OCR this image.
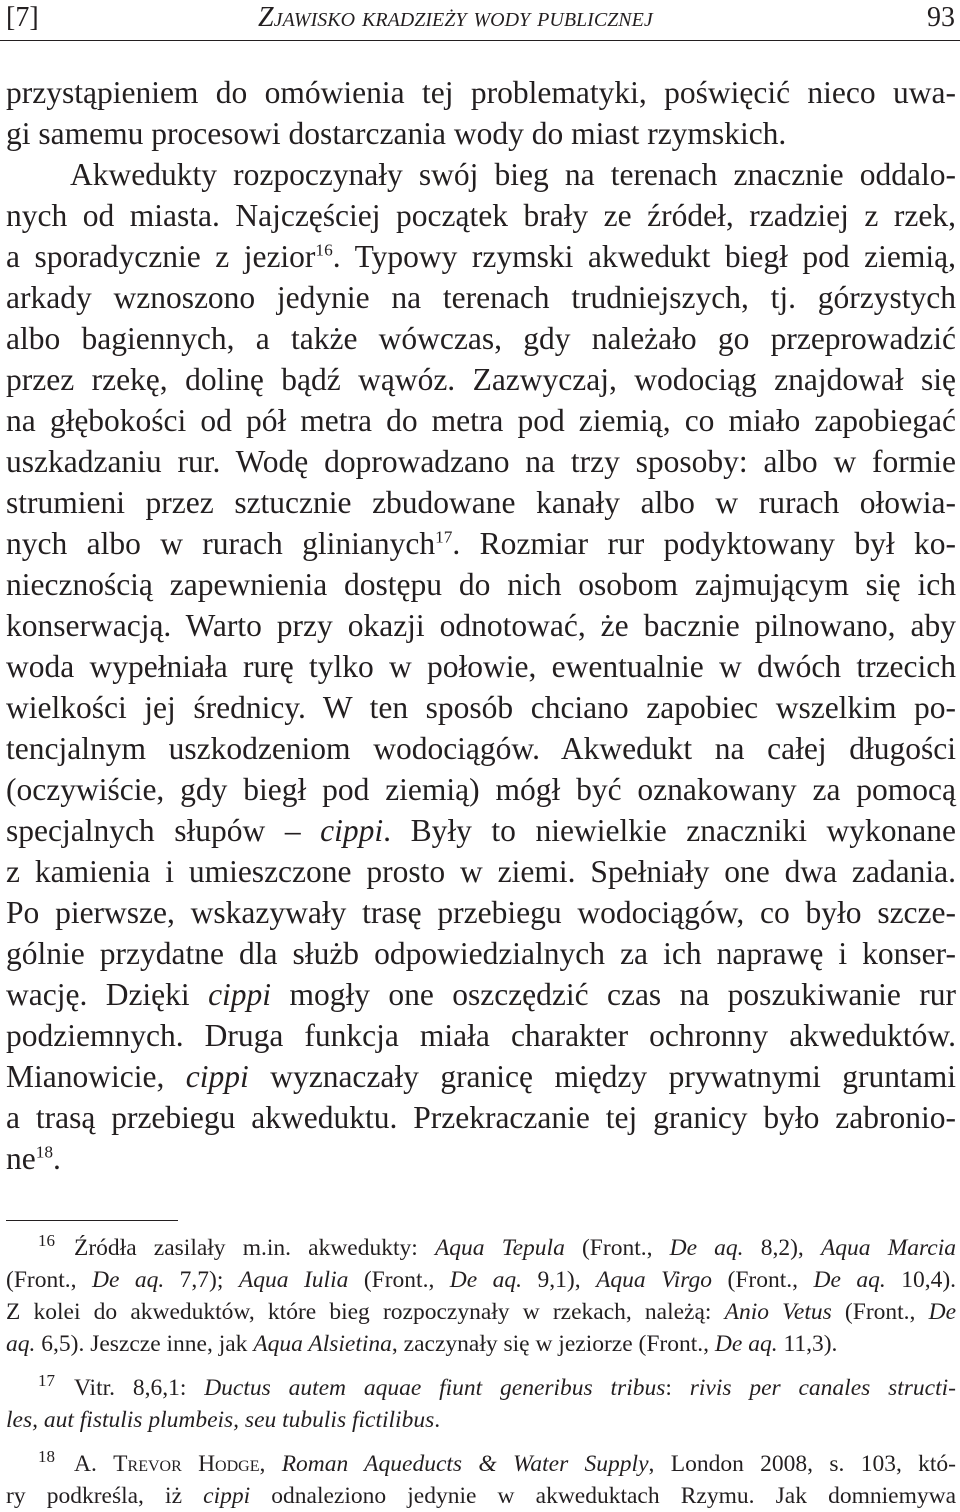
[7]	Zjawisko kradzieży wody publicznej	93
przystąpieniem do omówienia tej problematyki, poświęcić nieco uwa-
gi samemu procesowi dostarczania wody do miast rzymskich.
Akwedukty rozpoczynały swój bieg na terenach znacznie oddalo-
nych od miasta. Najczęściej początek brały ze źródeł, rzadziej z rzek,
a sporadycznie z jezior$^{16}$. Typowy rzymski akwedukt biegł pod ziemią,
arkady wznoszono jedynie na terenach trudniejszych, tj. górzystych
albo bagiennych, a także wówczas, gdy należało go przeprowadzić
przez rzekę, dolinę bądź wąwóz. Zazwyczaj, wodociąg znajdował się
na głębokości od pół metra do metra pod ziemią, co miało zapobiegać
uszkadzaniu rur. Wodę doprowadzano na trzy sposoby: albo w formie
strumieni przez sztucznie zbudowane kanały albo w rurach ołowia-
nych albo w rurach glinianych$^{17}$. Rozmiar rur podyktowany był ko-
niecznością zapewnienia dostępu do nich osobom zajmującym się ich
konserwacją. Warto przy okazji odnotować, że bacznie pilnowano, aby
woda wypełniała rurę tylko w połowie, ewentualnie w dwóch trzecich
wielkości jej średnicy. W ten sposób chciano zapobiec wszelkim po-
tencjalnym uszkodzeniom wodociągów. Akwedukt na całej długości
(oczywiście, gdy biegł pod ziemią) mógł być oznakowany za pomocą
specjalnych słupów – cippi. Były to niewielkie znaczniki wykonane
z kamienia i umieszczone prosto w ziemi. Spełniały one dwa zadania.
Po pierwsze, wskazywały trasę przebiegu wodociągów, co było szcze-
gólnie przydatne dla służb odpowiedzialnych za ich naprawę i konser-
wację. Dzięki cippi mogły one oszczędzić czas na poszukiwanie rur
podziemnych. Druga funkcja miała charakter ochronny akweduktów.
Mianowicie, cippi wyznaczały granicę między prywatnymi gruntami
a trasą przebiegu akweduktu. Przekraczanie tej granicy było zabronio-
$ne^{18}$.
16 Źródła zasilały m.in. akwedukty: Aqua Tepula (Front., De aq. 8,2), Aqua Marcia
(Front., De aq. 7,7); Aqua Iulia (Front., De aq. 9,1), Aqua Virgo (Front., De aq. 10,4).
Z kolei do akweduktów, które bieg rozpoczynały w rzekach, należą: Anio Vetus (Front., De
aq. 6,5). Jeszcze inne, jak Aqua Alsietina, zaczynały się w jeziorze (Front., De aq. 11,3).
17 Vitr. 8,6,1: Ductus autem aquae fiunt generibus tribus: rivis per canales structi-
les, aut fistulis plumbeis, seu tubulis fictilibus.
18 A. Trevor Hodge, Roman Aqueducts & Water Supply, London 2008, s. 103, któ-
ry podkreśla, iż cippi odnaleziono jedynie w akweduktach Rzymu. Jak domniemywa
